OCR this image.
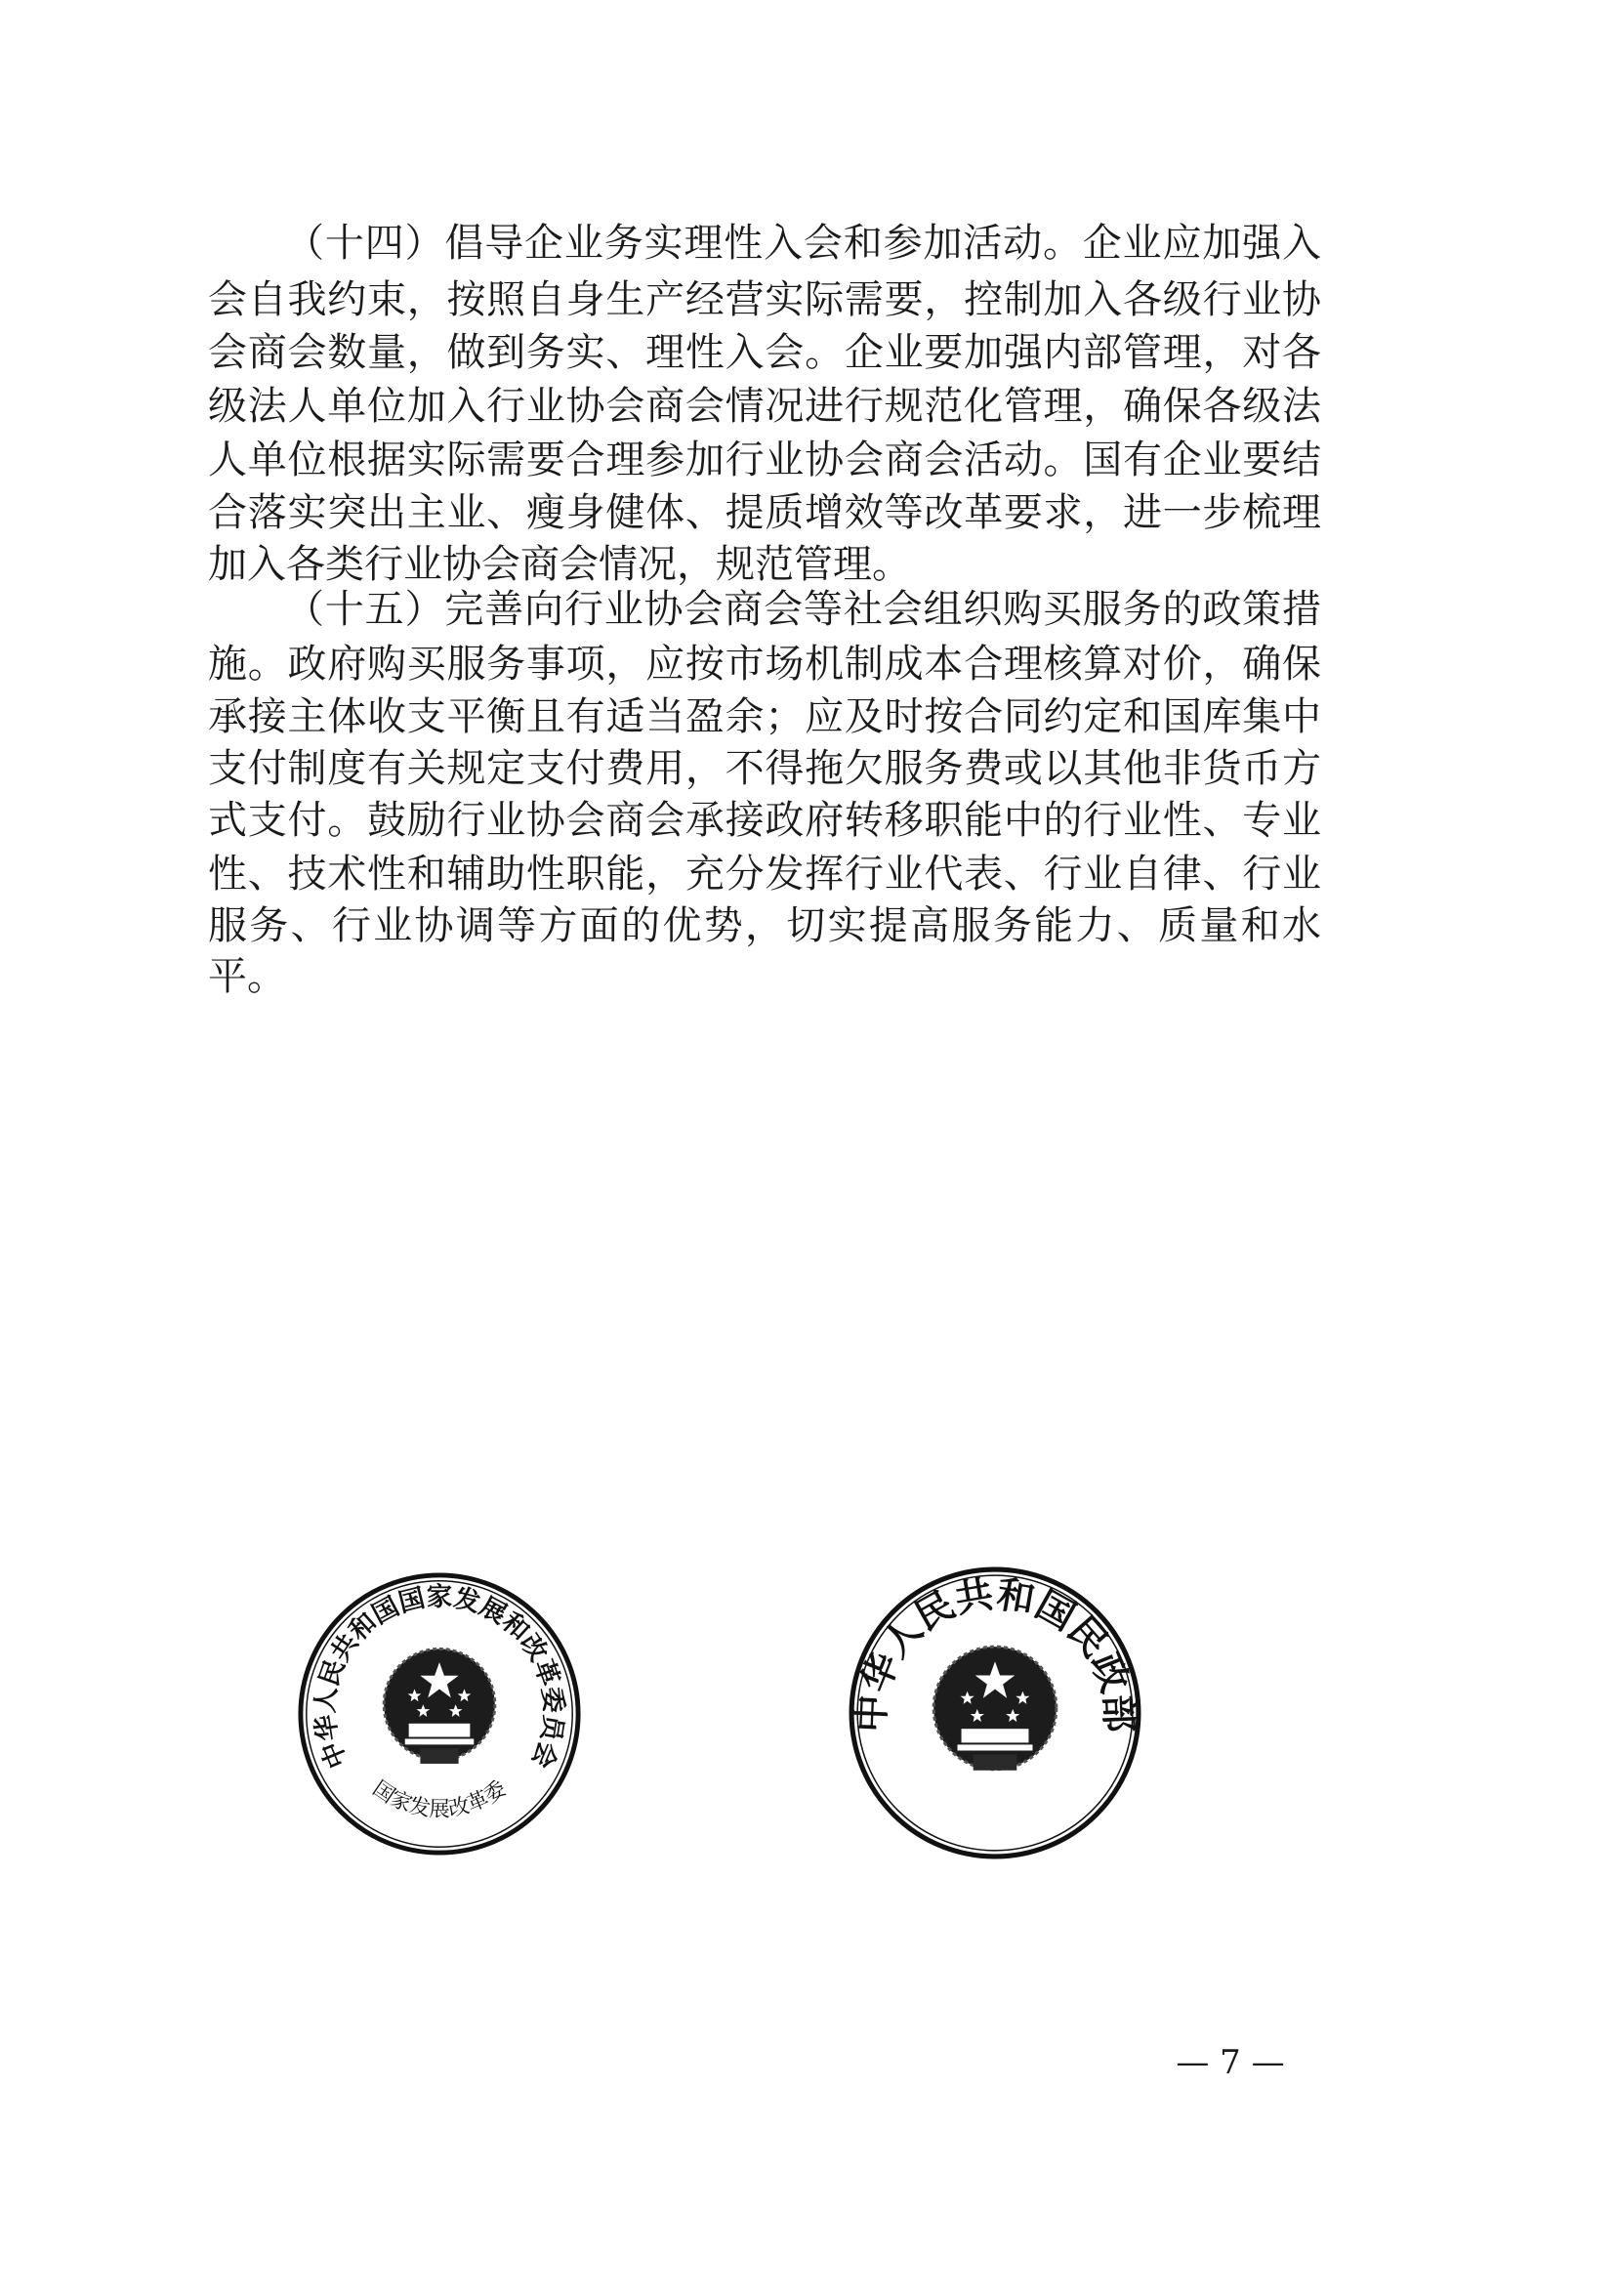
（十四）倡导企业务实理性入会和参加活动。企业应加强入
会自我约束，按照自身生产经营实际需要，控制加入各级行业协
会商会数量，做到务实、理性入会。企业要加强内部管理，对各
级法人单位加入行业协会商会情况进行规范化管理，确保各级法
人单位根据实际需要合理参加行业协会商会活动。国有企业要结
合落实突出主业、瘦身健体、提质增效等改革要求，进一步梳理
加入各类行业协会商会情况，规范管理。
（十五）完善向行业协会商会等社会组织购买服务的政策措
施。政府购买服务事项，应按市场机制成本合理核算对价，确保
承接主体收支平衡且有适当盈余；应及时按合同约定和国库集中
支付制度有关规定支付费用，不得拖欠服务费或以其他非货币方
式支付。鼓励行业协会商会承接政府转移职能中的行业性、专业
性、技术性和辅助性职能，充分发挥行业代表、行业自律、行业
服务、行业协调等方面的优势，切实提高服务能力、质量和水
平。
中华人民共和国国家发展和改革委员会
国家发展改革委
中华人民共和国民政部
— 7 —
